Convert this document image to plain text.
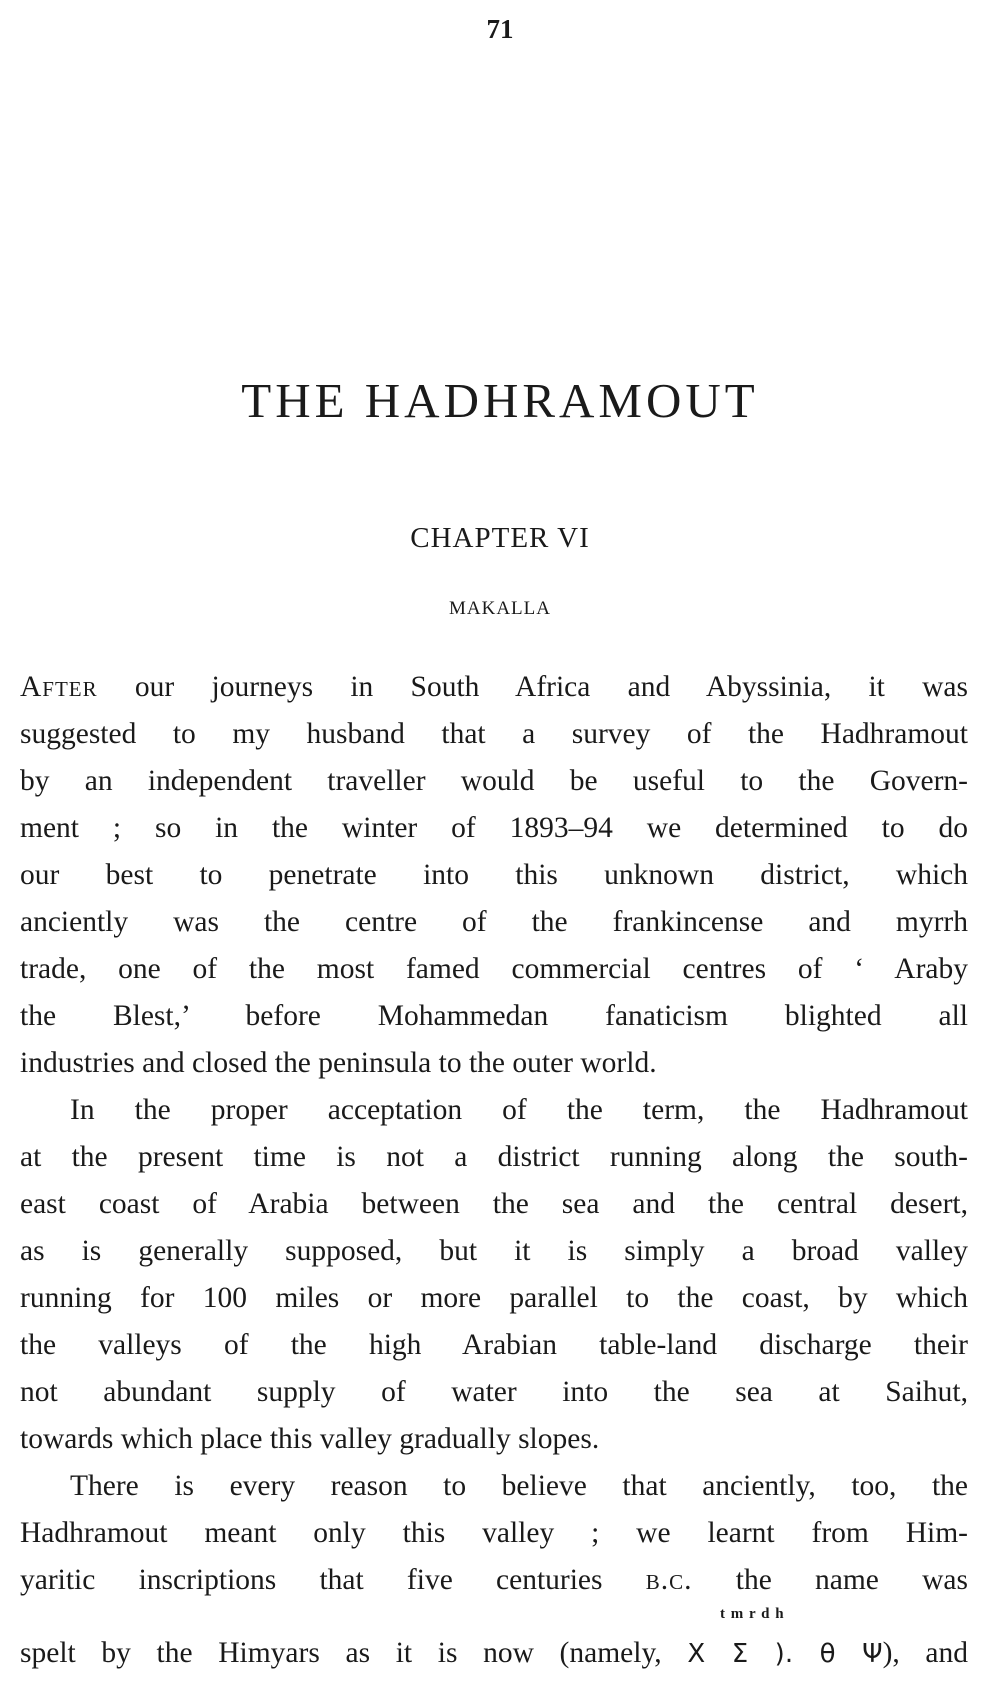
71
THE HADHRAMOUT
CHAPTER VI
MAKALLA
After our journeys in South Africa and Abyssinia, it was
suggested to my husband that a survey of the Hadhramout
by an independent traveller would be useful to the Govern-
ment ; so in the winter of 1893–94 we determined to do
our best to penetrate into this unknown district, which
anciently was the centre of the frankincense and myrrh
trade, one of the most famed commercial centres of ‘ Araby
the Blest,’ before Mohammedan fanaticism blighted all
industries and closed the peninsula to the outer world.
In the proper acceptation of the term, the Hadhramout
at the present time is not a district running along the south-
east coast of Arabia between the sea and the central desert,
as is generally supposed, but it is simply a broad valley
running for 100 miles or more parallel to the coast, by which
the valleys of the high Arabian table-land discharge their
not abundant supply of water into the sea at Saihut,
towards which place this valley gradually slopes.
There is every reason to believe that anciently, too, the
Hadhramout meant only this valley ; we learnt from Him-
yaritic inscriptions that five centuries b.c. the name was
t m r d h
spelt by the Himyars as it is now (namely, X Σ ). θ Ψ), and
